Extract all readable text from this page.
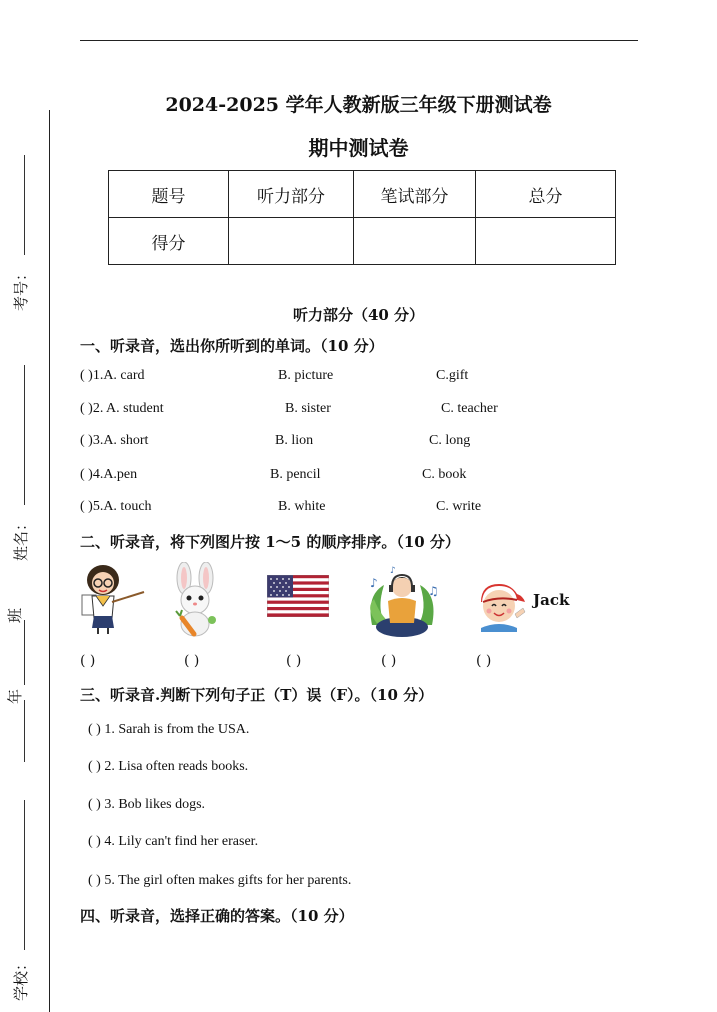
考号：
姓名：
班
年
学校：
2024-2025 学年人教新版三年级下册测试卷
期中测试卷
题号	听力部分	笔试部分	总分
得分			
听力部分（40 分）
一、听录音，选出你所听到的单词。（10 分）
( )1.A. card	B. picture	C.gift
( )2. A. student	B. sister	C. teacher
( )3.A. short	B. lion	C. long
( )4.A.pen	B. pencil	C. book
( )5.A. touch	B. white	C. write
二、听录音，将下列图片按 1～5 的顺序排序。（10 分）
♪
♫
♪
Jack
( )	( )	( )	( )	( )
三、听录音.判断下列句子正（T）误（F）。（10 分）
( ) 1. Sarah is from the USA.
( ) 2. Lisa often reads books.
( ) 3. Bob likes dogs.
( ) 4. Lily can't find her eraser.
( ) 5. The girl often makes gifts for her parents.
四、听录音，选择正确的答案。（10 分）
